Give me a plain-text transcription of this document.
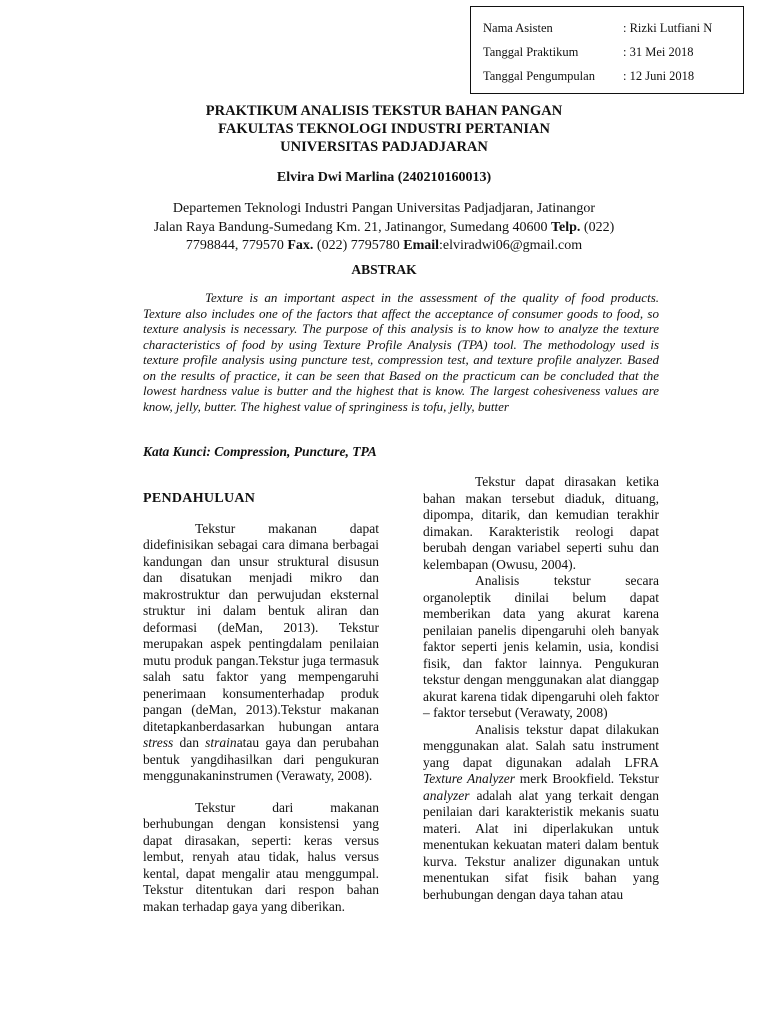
Nama Asisten	: Rizki Lutfiani N
Tanggal Praktikum	: 31 Mei 2018
Tanggal Pengumpulan	: 12 Juni 2018
PRAKTIKUM ANALISIS TEKSTUR BAHAN PANGAN
FAKULTAS TEKNOLOGI INDUSTRI PERTANIAN
UNIVERSITAS PADJADJARAN
Elvira Dwi Marlina (240210160013)
Departemen Teknologi Industri Pangan Universitas Padjadjaran, Jatinangor
Jalan Raya Bandung-Sumedang Km. 21, Jatinangor, Sumedang 40600 Telp. (022)
7798844, 779570 Fax. (022) 7795780 Email:elviradwi06@gmail.com
ABSTRAK

Texture is an important aspect in the assessment of the quality of food products. Texture also includes one of the factors that affect the acceptance of consumer goods to food, so texture analysis is necessary. The purpose of this analysis is to know how to analyze the texture characteristics of food by using Texture Profile Analysis (TPA) tool. The methodology used is texture profile analysis using puncture test, compression test, and texture profile analyzer. Based on the results of practice, it can be seen that Based on the practicum can be concluded that the lowest hardness value is butter and the highest that is know. The largest cohesiveness values are know, jelly, butter. The highest value of springiness is tofu, jelly, butter

Kata Kunci: Compression, Puncture, TPA
PENDAHULUAN

Tekstur makanan dapat didefinisikan sebagai cara dimana berbagai kandungan dan unsur struktural disusun dan disatukan menjadi mikro dan makrostruktur dan perwujudan eksternal struktur ini dalam bentuk aliran dan deformasi (deMan, 2013). Tekstur merupakan aspek pentingdalam penilaian mutu produk pangan.Tekstur juga termasuk salah satu faktor yang mempengaruhi penerimaan konsumenterhadap produk pangan (deMan, 2013).Tekstur makanan ditetapkanberdasarkan hubungan antara stress dan strainatau gaya dan perubahan bentuk yangdihasilkan dari pengukuran menggunakaninstrumen (Verawaty, 2008).

Tekstur dari makanan berhubungan dengan konsistensi yang dapat dirasakan, seperti: keras versus lembut, renyah atau tidak, halus versus kental, dapat mengalir atau menggumpal. Tekstur ditentukan dari respon bahan makan terhadap gaya yang diberikan.

Tekstur dapat dirasakan ketika bahan makan tersebut diaduk, dituang, dipompa, ditarik, dan kemudian terakhir dimakan. Karakteristik reologi dapat berubah dengan variabel seperti suhu dan kelembapan (Owusu, 2004).

Analisis tekstur secara organoleptik dinilai belum dapat memberikan data yang akurat karena penilaian panelis dipengaruhi oleh banyak faktor seperti jenis kelamin, usia, kondisi fisik, dan faktor lainnya. Pengukuran tekstur dengan menggunakan alat dianggap akurat karena tidak dipengaruhi oleh faktor – faktor tersebut (Verawaty, 2008)

Analisis tekstur dapat dilakukan menggunakan alat. Salah satu instrument yang dapat digunakan adalah LFRA Texture Analyzer merk Brookfield. Tekstur analyzer adalah alat yang terkait dengan penilaian dari karakteristik mekanis suatu materi. Alat ini diperlakukan untuk menentukan kekuatan materi dalam bentuk kurva. Tekstur analizer digunakan untuk menentukan sifat fisik bahan yang berhubungan dengan daya tahan atau
